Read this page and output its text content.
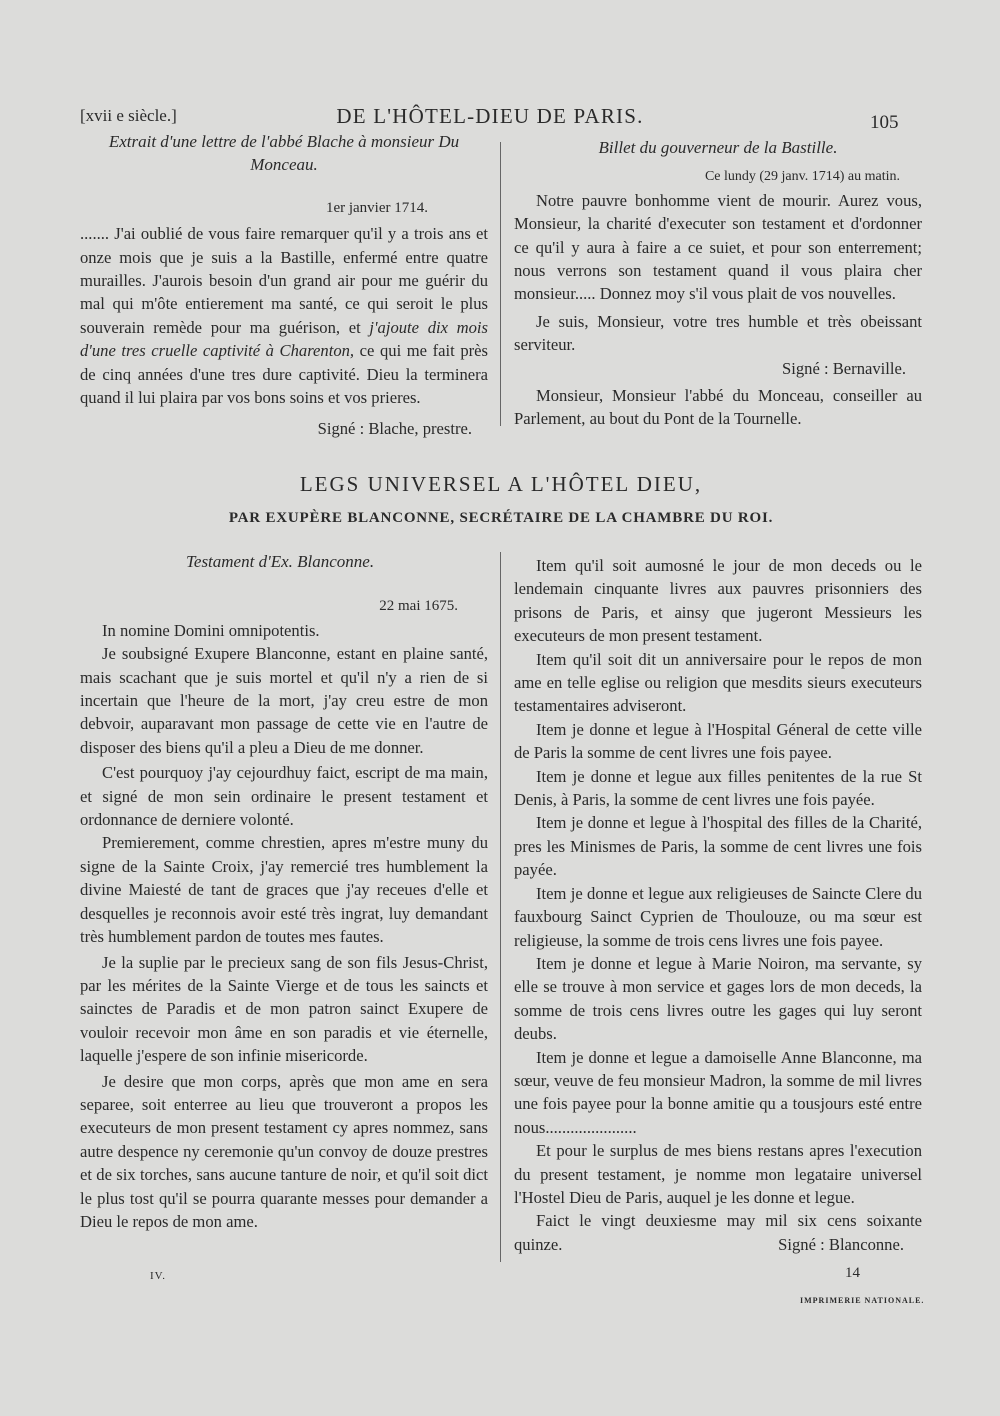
[xvii e siècle.]	DE L'HÔTEL-DIEU DE PARIS.	105

Extrait d'une lettre de l'abbé Blache à monsieur Du Monceau.

1er janvier 1714.

....... J'ai oublié de vous faire remarquer qu'il y a trois ans et onze mois que je suis a la Bastille, enfermé entre quatre murailles. J'aurois besoin d'un grand air pour me guérir du mal qui m'ôte entierement ma santé, ce qui seroit le plus souverain remède pour ma guérison, et j'ajoute dix mois d'une tres cruelle captivité à Charenton, ce qui me fait près de cinq années d'une tres dure captivité. Dieu la terminera quand il lui plaira par vos bons soins et vos prieres.

Signé : Blache, prestre.

Billet du gouverneur de la Bastille.

Ce lundy (29 janv. 1714) au matin.

Notre pauvre bonhomme vient de mourir. Aurez vous, Monsieur, la charité d'executer son testament et d'ordonner ce qu'il y aura à faire a ce suiet, et pour son enterrement; nous verrons son testament quand il vous plaira cher monsieur..... Donnez moy s'il vous plait de vos nouvelles.

Je suis, Monsieur, votre tres humble et très obeissant serviteur.

Signé : Bernaville.

Monsieur, Monsieur l'abbé du Monceau, conseiller au Parlement, au bout du Pont de la Tournelle.

LEGS UNIVERSEL A L'HÔTEL DIEU,
PAR EXUPÈRE BLANCONNE, SECRÉTAIRE DE LA CHAMBRE DU ROI.

Testament d'Ex. Blanconne.

22 mai 1675.

In nomine Domini omnipotentis.

Je soubsigné Exupere Blanconne, estant en plaine santé, mais scachant que je suis mortel et qu'il n'y a rien de si incertain que l'heure de la mort, j'ay creu estre de mon debvoir, auparavant mon passage de cette vie en l'autre de disposer des biens qu'il a pleu a Dieu de me donner.

C'est pourquoy j'ay cejourdhuy faict, escript de ma main, et signé de mon sein ordinaire le present testament et ordonnance de derniere volonté.

Premierement, comme chrestien, apres m'estre muny du signe de la Sainte Croix, j'ay remercié tres humblement la divine Maiesté de tant de graces que j'ay receues d'elle et desquelles je reconnois avoir esté très ingrat, luy demandant très humblement pardon de toutes mes fautes.

Je la suplie par le precieux sang de son fils Jesus-Christ, par les mérites de la Sainte Vierge et de tous les saincts et sainctes de Paradis et de mon patron sainct Exupere de vouloir recevoir mon âme en son paradis et vie éternelle, laquelle j'espere de son infinie misericorde.

Je desire que mon corps, après que mon ame en sera separee, soit enterree au lieu que trouveront a propos les executeurs de mon present testament cy apres nommez, sans autre despence ny ceremonie qu'un convoy de douze prestres et de six torches, sans aucune tanture de noir, et qu'il soit dict le plus tost qu'il se pourra quarante messes pour demander a Dieu le repos de mon ame.

Item qu'il soit aumosné le jour de mon deceds ou le lendemain cinquante livres aux pauvres prisonniers des prisons de Paris, et ainsy que jugeront Messieurs les executeurs de mon present testament.

Item qu'il soit dit un anniversaire pour le repos de mon ame en telle eglise ou religion que mesdits sieurs executeurs testamentaires adviseront.

Item je donne et legue à l'Hospital Géneral de cette ville de Paris la somme de cent livres une fois payee.

Item je donne et legue aux filles penitentes de la rue St Denis, à Paris, la somme de cent livres une fois payée.

Item je donne et legue à l'hospital des filles de la Charité, pres les Minismes de Paris, la somme de cent livres une fois payée.

Item je donne et legue aux religieuses de Saincte Clere du fauxbourg Sainct Cyprien de Thoulouze, ou ma sœur est religieuse, la somme de trois cens livres une fois payee.

Item je donne et legue à Marie Noiron, ma servante, sy elle se trouve à mon service et gages lors de mon deceds, la somme de trois cens livres outre les gages qui luy seront deubs.

Item je donne et legue a damoiselle Anne Blanconne, ma sœur, veuve de feu monsieur Madron, la somme de mil livres une fois payee pour la bonne amitie qu a tousjours esté entre nous......................

Et pour le surplus de mes biens restans apres l'execution du present testament, je nomme mon legataire universel l'Hostel Dieu de Paris, auquel je les donne et legue.

Faict le vingt deuxiesme may mil six cens soixante quinze.	Signé : Blanconne.

IV.	14
IMPRIMERIE NATIONALE.
